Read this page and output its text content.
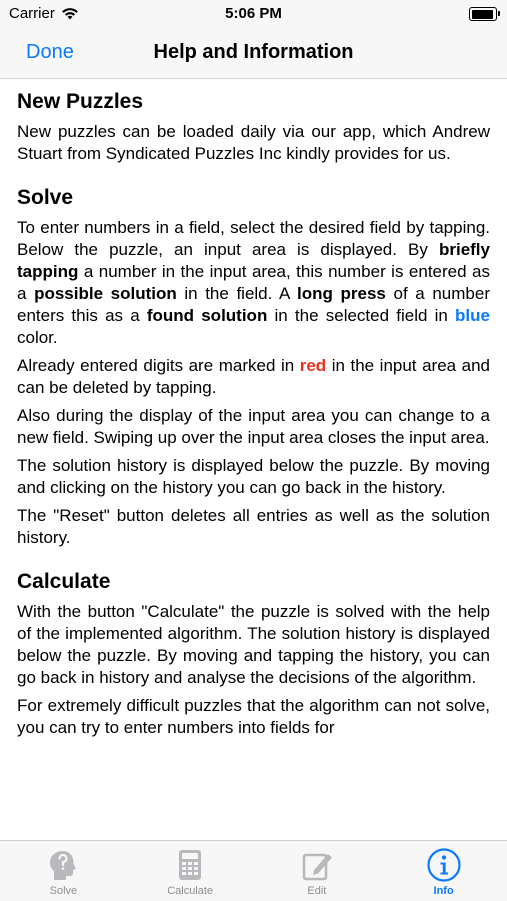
Carrier	5:06 PM
Done	Help and Information
New Puzzles
New puzzles can be loaded daily via our app, which Andrew Stuart from Syndicated Puzzles Inc kindly provides for us.
Solve
To enter numbers in a field, select the desired field by tapping. Below the puzzle, an input area is displayed. By briefly tapping a number in the input area, this number is entered as a possible solution in the field. A long press of a number enters this as a found solution in the selected field in blue color.
Already entered digits are marked in red in the input area and can be deleted by tapping.
Also during the display of the input area you can change to a new field. Swiping up over the input area closes the input area.
The solution history is displayed below the puzzle. By moving and clicking on the history you can go back in the history.
The "Reset" button deletes all entries as well as the solution history.
Calculate
With the button "Calculate" the puzzle is solved with the help of the implemented algorithm. The solution history is displayed below the puzzle. By moving and tapping the history, you can go back in history and analyse the decisions of the algorithm.
For extremely difficult puzzles that the algorithm can not solve, you can try to enter numbers into fields for
Solve	Calculate	Edit	Info
